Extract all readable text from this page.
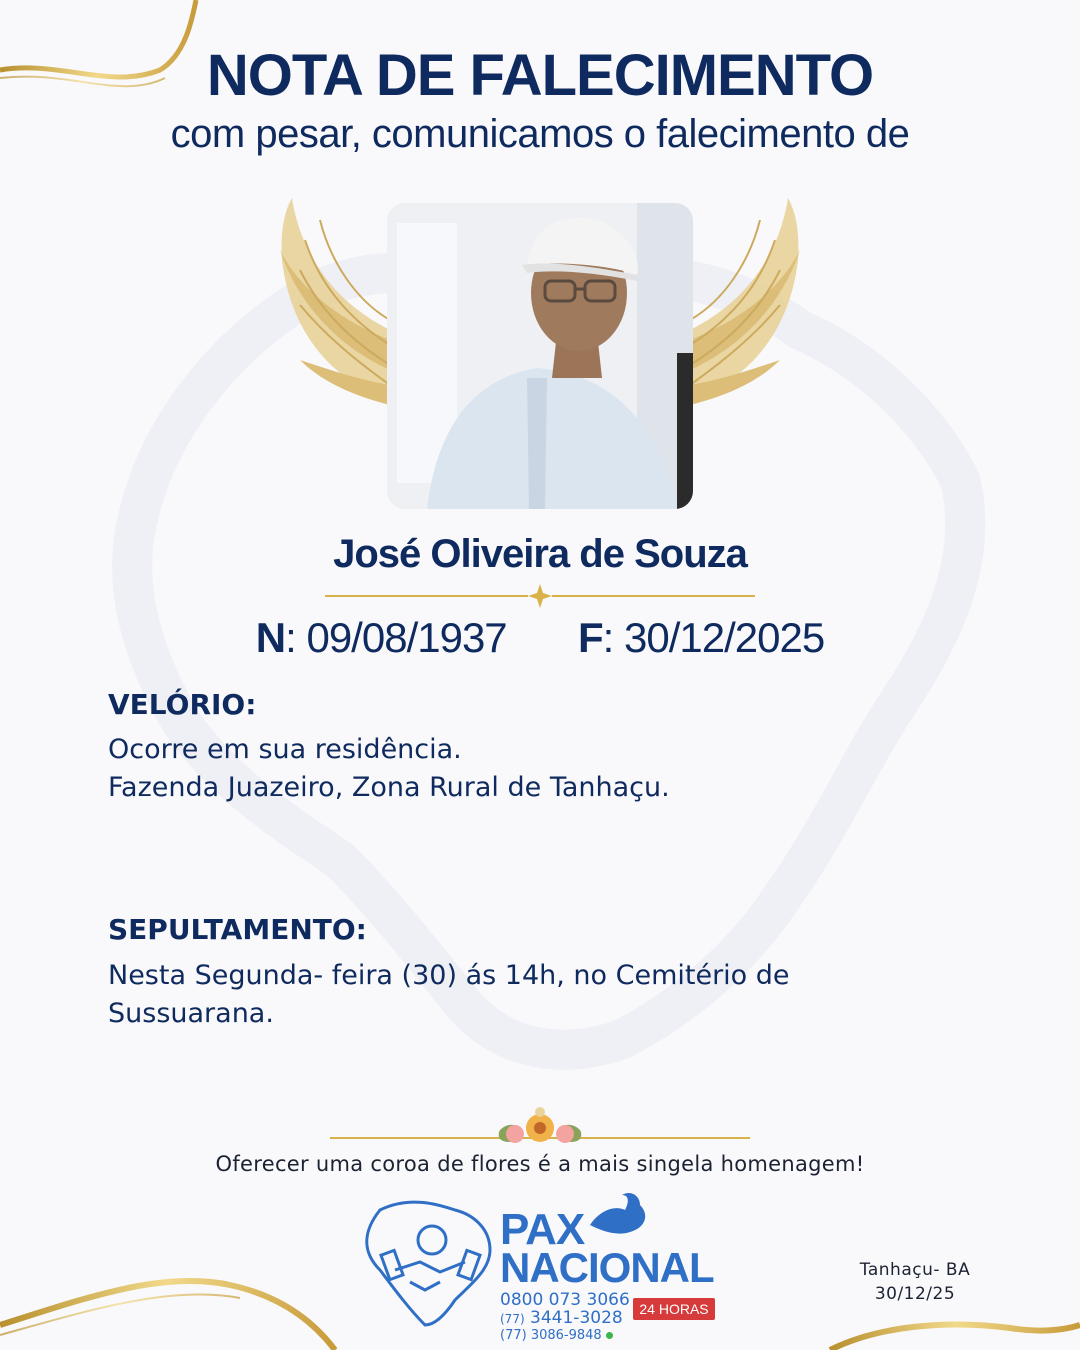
NOTA DE FALECIMENTO
com pesar, comunicamos o falecimento de
José Oliveira de Souza
N: 09/08/1937 F: 30/12/2025
VELÓRIO:
Ocorre em sua residência.
Fazenda Juazeiro, Zona Rural de Tanhaçu.
SEPULTAMENTO:
Nesta Segunda- feira (30) ás 14h, no Cemitério de
Sussuarana.
Oferecer uma coroa de flores é a mais singela homenagem!
PAX
NACIONAL
0800 073 3066
(77) 3441-3028
(77) 3086-9848
24 HORAS
Tanhaçu- BA
30/12/25
